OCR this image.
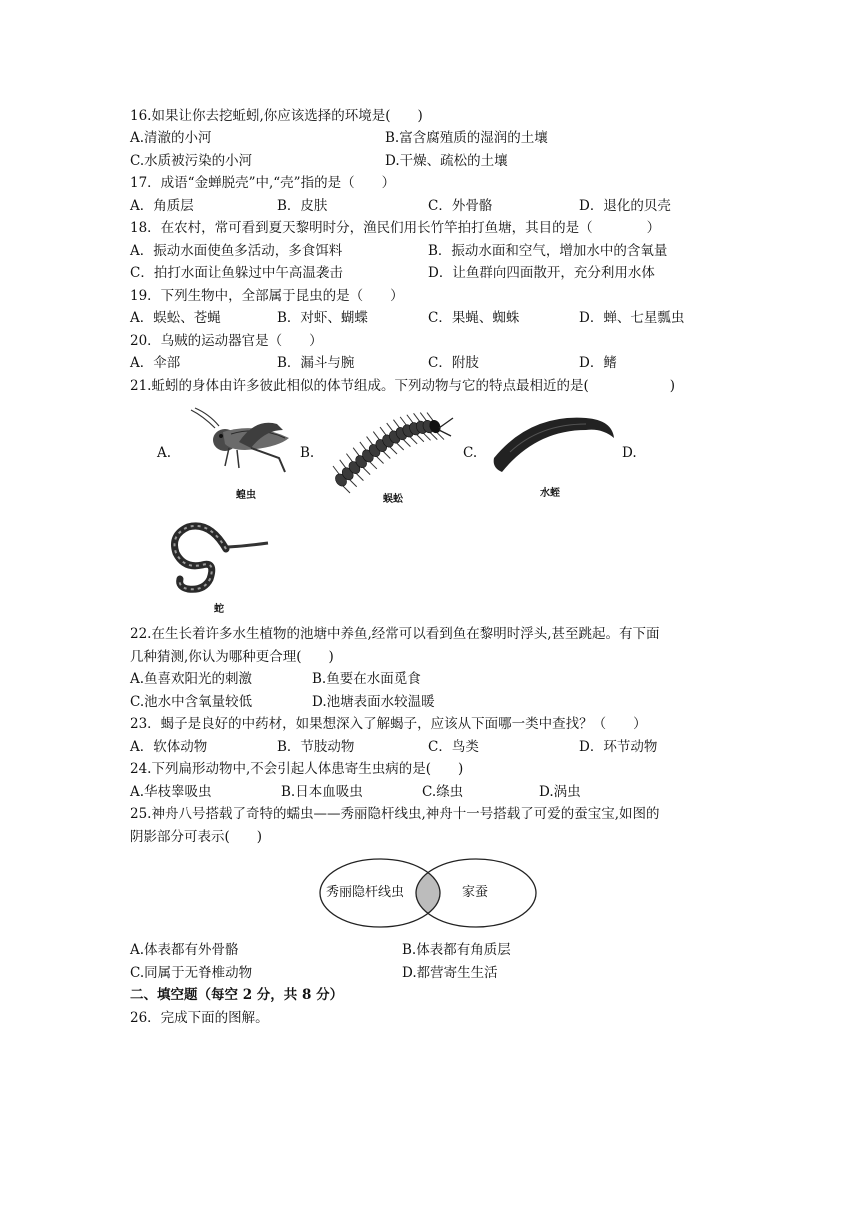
16.如果让你去挖蚯蚓,你应该选择的环境是(　　)
A.清澈的小河	B.富含腐殖质的湿润的土壤
C.水质被污染的小河	D.干燥、疏松的土壤
17．成语“金蝉脱壳”中,“壳”指的是（　　）
A．角质层	B．皮肤	C．外骨骼	D．退化的贝壳
18．在农村，常可看到夏天黎明时分，渔民们用长竹竿拍打鱼塘，其目的是（　　　　）
A．振动水面使鱼多活动，多食饵料	B．振动水面和空气，增加水中的含氧量
C．拍打水面让鱼躲过中午高温袭击	D．让鱼群向四面散开，充分利用水体
19．下列生物中，全部属于昆虫的是（　　）
A．蜈蚣、苍蝇	B．对虾、蝴蝶	C．果蝇、蜘蛛	D．蝉、七星瓢虫
20．乌贼的运动器官是（　　）
A．伞部	B．漏斗与腕	C．附肢	D．鳍
21.蚯蚓的身体由许多彼此相似的体节组成。下列动物与它的特点最相近的是(　　　　　　)
A.	B.	C.	D.
蝗虫	蜈蚣
水蛭
蛇
22.在生长着许多水生植物的池塘中养鱼,经常可以看到鱼在黎明时浮头,甚至跳起。有下面
几种猜测,你认为哪种更合理(　　)
A.鱼喜欢阳光的刺激	B.鱼要在水面觅食
C.池水中含氧量较低	D.池塘表面水较温暖
23．蝎子是良好的中药材，如果想深入了解蝎子，应该从下面哪一类中查找？（　　）
A．软体动物	B．节肢动物	C．鸟类	D．环节动物
24.下列扁形动物中,不会引起人体患寄生虫病的是(　　)
A.华枝睾吸虫	B.日本血吸虫	C.绦虫	D.涡虫
25.神舟八号搭载了奇特的蠕虫——秀丽隐杆线虫,神舟十一号搭载了可爱的蚕宝宝,如图的
阴影部分可表示(　　)
秀丽隐杆线虫	家蚕
A.体表都有外骨骼	B.体表都有角质层
C.同属于无脊椎动物	D.都营寄生生活
二、填空题（每空 2 分，共 8 分）
26．完成下面的图解。
